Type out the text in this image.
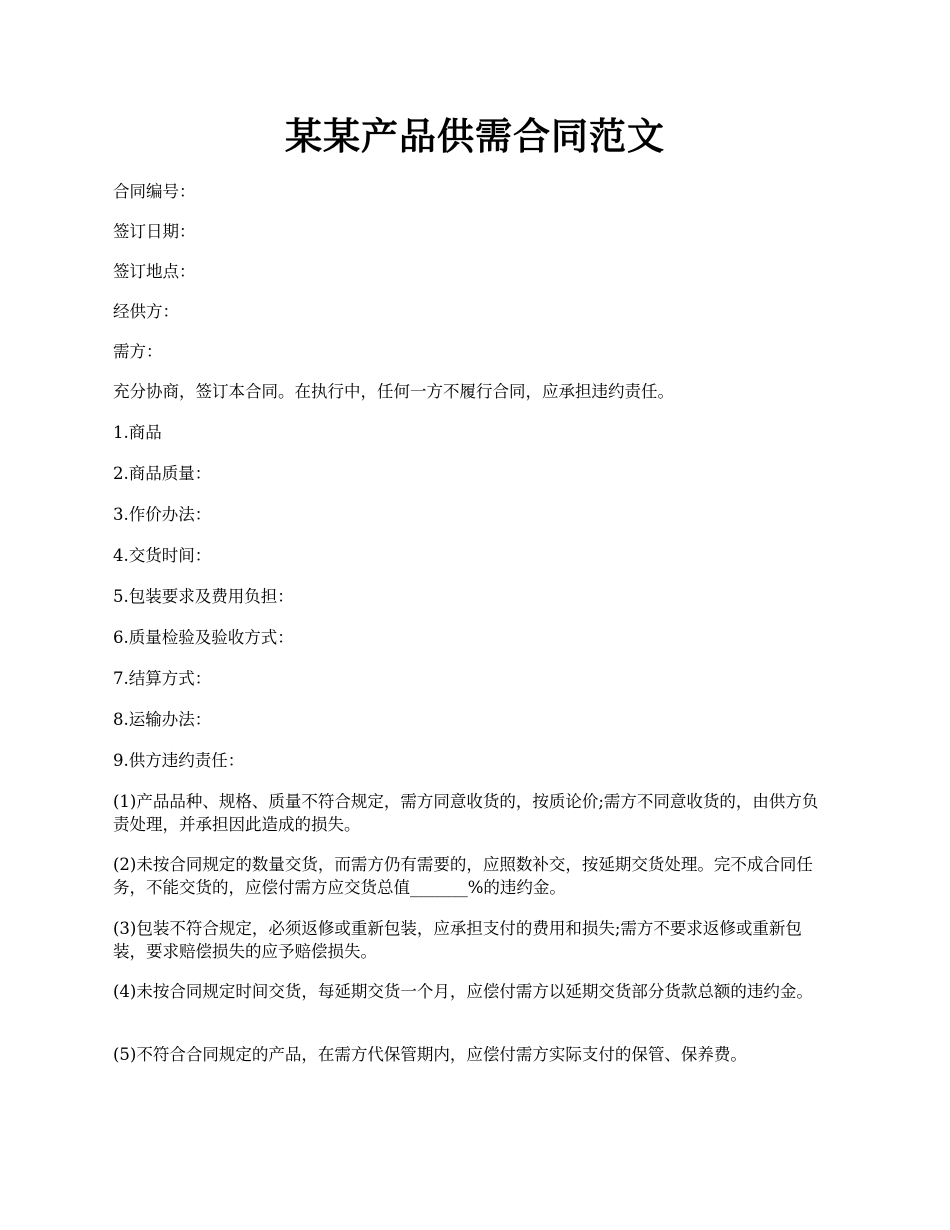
某某产品供需合同范文

合同编号：

签订日期：

签订地点：

经供方：

需方：

充分协商，签订本合同。在执行中，任何一方不履行合同，应承担违约责任。

1.商品

2.商品质量：

3.作价办法：

4.交货时间：

5.包装要求及费用负担：

6.质量检验及验收方式：

7.结算方式：

8.运输办法：

9.供方违约责任：

(1)产品品种、规格、质量不符合规定，需方同意收货的，按质论价;需方不同意收货的，由供方负责处理，并承担因此造成的损失。

(2)未按合同规定的数量交货，而需方仍有需要的，应照数补交，按延期交货处理。完不成合同任务，不能交货的，应偿付需方应交货总值_______%的违约金。

(3)包装不符合规定，必须返修或重新包装，应承担支付的费用和损失;需方不要求返修或重新包装，要求赔偿损失的应予赔偿损失。

(4)未按合同规定时间交货，每延期交货一个月，应偿付需方以延期交货部分货款总额的违约金。

(5)不符合合同规定的产品，在需方代保管期内，应偿付需方实际支付的保管、保养费。
